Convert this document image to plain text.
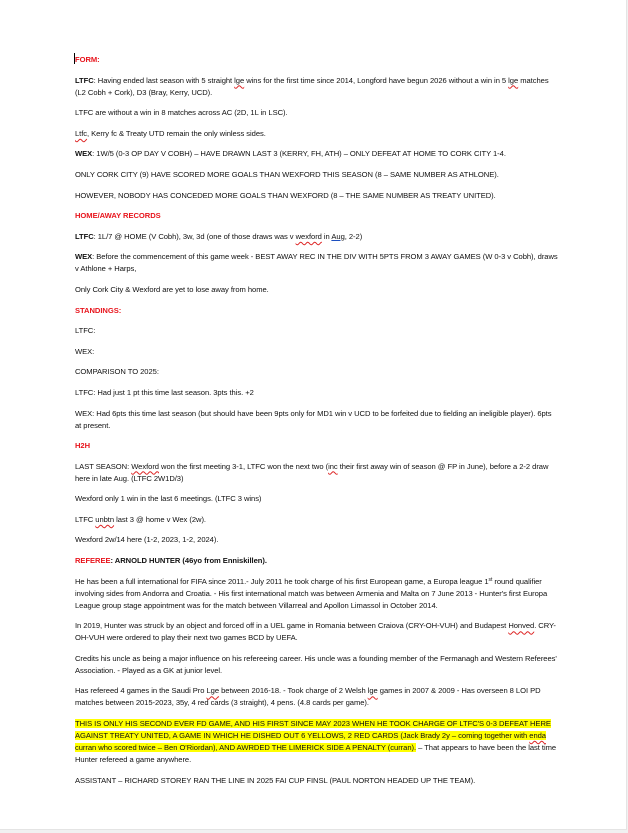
FORM:

LTFC: Having ended last season with 5 straight lge wins for the first time since 2014, Longford have begun 2026 without a win in 5 lge matches (L2 Cobh + Cork), D3 (Bray, Kerry, UCD).

LTFC are without a win in 8 matches across AC (2D, 1L in LSC).

Ltfc, Kerry fc & Treaty UTD remain the only winless sides.

WEX: 1W/5 (0-3 OP DAY V COBH) – HAVE DRAWN LAST 3 (KERRY, FH, ATH) – ONLY DEFEAT AT HOME TO CORK CITY 1-4.

ONLY CORK CITY (9) HAVE SCORED MORE GOALS THAN WEXFORD THIS SEASON (8 – SAME NUMBER AS ATHLONE).

HOWEVER, NOBODY HAS CONCEDED MORE GOALS THAN WEXFORD (8 – THE SAME NUMBER AS TREATY UNITED).

HOME/AWAY RECORDS

LTFC: 1L/7 @ HOME (V Cobh), 3w, 3d (one of those draws was v wexford in Aug, 2-2)

WEX: Before the commencement of this game week - BEST AWAY REC IN THE DIV WITH 5PTS FROM 3 AWAY GAMES (W 0-3 v Cobh), draws v Athlone + Harps,

Only Cork City & Wexford are yet to lose away from home.

STANDINGS:

LTFC:

WEX:

COMPARISON TO 2025:

LTFC: Had just 1 pt this time last season. 3pts this. +2

WEX: Had 6pts this time last season (but should have been 9pts only for MD1 win v UCD to be forfeited due to fielding an ineligible player). 6pts at present.

H2H

LAST SEASON: Wexford won the first meeting 3-1, LTFC won the next two (inc their first away win of season @ FP in June), before a 2-2 draw here in late Aug. (LTFC 2W1D/3)

Wexford only 1 win in the last 6 meetings. (LTFC 3 wins)

LTFC unbtn last 3 @ home v Wex (2w).

Wexford 2w/14 here (1-2, 2023, 1-2, 2024).

REFEREE: ARNOLD HUNTER (46yo from Enniskillen).

He has been a full international for FIFA since 2011.- July 2011 he took charge of his first European game, a Europa league 1st round qualifier involving sides from Andorra and Croatia. - His first international match was between Armenia and Malta on 7 June 2013 - Hunter's first Europa League group stage appointment was for the match between Villarreal and Apollon Limassol in October 2014.

In 2019, Hunter was struck by an object and forced off in a UEL game in Romania between Craiova (CRY-OH-VUH) and Budapest Honved. CRY-OH-VUH were ordered to play their next two games BCD by UEFA.

Credits his uncle as being a major influence on his refereeing career. His uncle was a founding member of the Fermanagh and Western Referees' Association. - Played as a GK at junior level.

Has refereed 4 games in the Saudi Pro Lge between 2016-18. - Took charge of 2 Welsh lge games in 2007 & 2009 - Has overseen 8 LOI PD matches between 2015-2023, 35y, 4 red cards (3 straight), 4 pens. (4.8 cards per game).

THIS IS ONLY HIS SECOND EVER FD GAME, AND HIS FIRST SINCE MAY 2023 WHEN HE TOOK CHARGE OF LTFC'S 0-3 DEFEAT HERE AGAINST TREATY UNITED, A GAME IN WHICH HE DISHED OUT 6 YELLOWS, 2 RED CARDS (Jack Brady 2y – coming together with enda curran who scored twice – Ben O'Riordan), AND AWRDED THE LIMERICK SIDE A PENALTY (curran). – That appears to have been the last time Hunter refereed a game anywhere.

ASSISTANT – RICHARD STOREY RAN THE LINE IN 2025 FAI CUP FINSL (PAUL NORTON HEADED UP THE TEAM).
